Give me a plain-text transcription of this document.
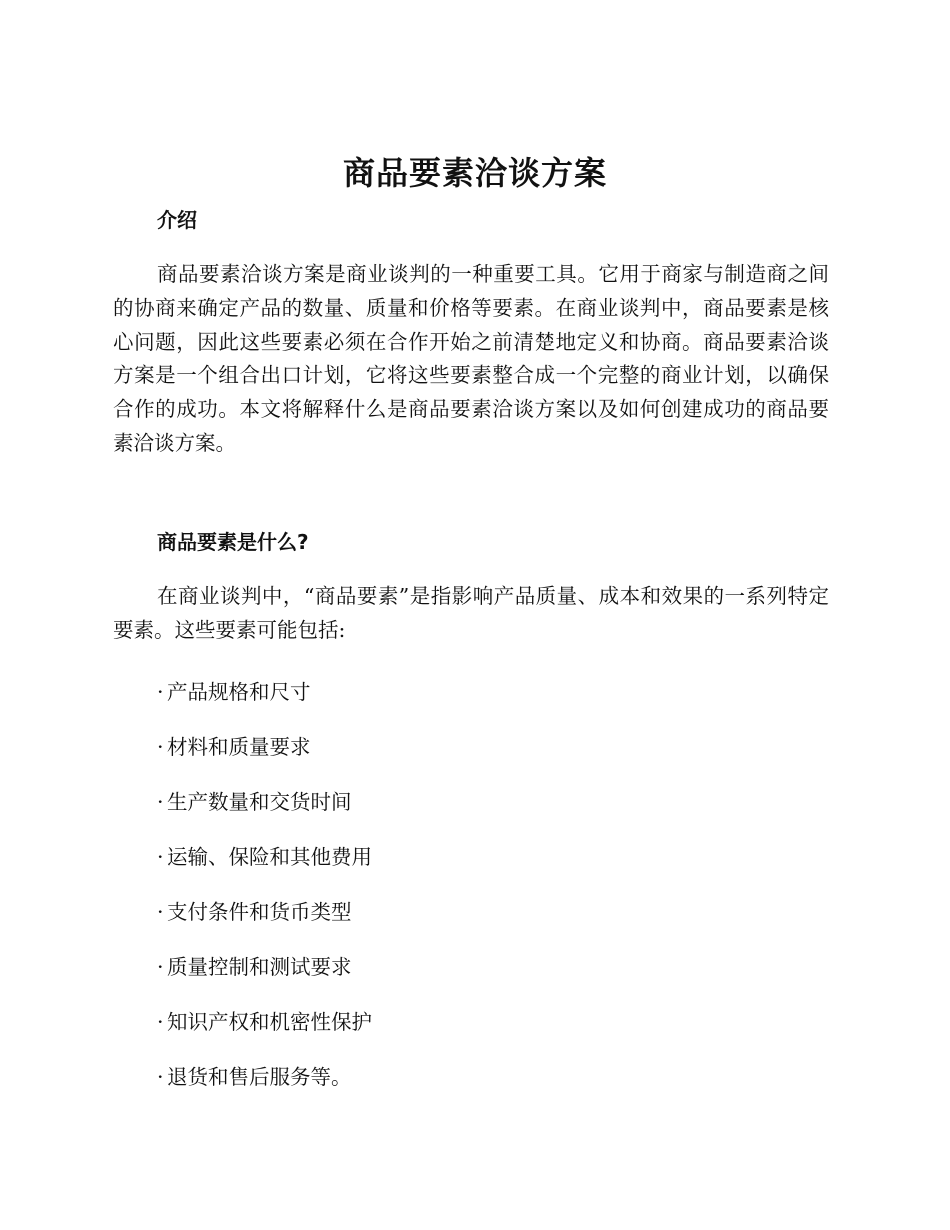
商品要素洽谈方案
介绍

商品要素洽谈方案是商业谈判的一种重要工具。它用于商家与制造商之间的协商来确定产品的数量、质量和价格等要素。在商业谈判中，商品要素是核心问题，因此这些要素必须在合作开始之前清楚地定义和协商。商品要素洽谈方案是一个组合出口计划，它将这些要素整合成一个完整的商业计划，以确保合作的成功。本文将解释什么是商品要素洽谈方案以及如何创建成功的商品要素洽谈方案。

商品要素是什么?

在商业谈判中，“商品要素”是指影响产品质量、成本和效果的一系列特定要素。这些要素可能包括:

· 产品规格和尺寸
· 材料和质量要求
· 生产数量和交货时间
· 运输、保险和其他费用
· 支付条件和货币类型
· 质量控制和测试要求
· 知识产权和机密性保护
· 退货和售后服务等。
